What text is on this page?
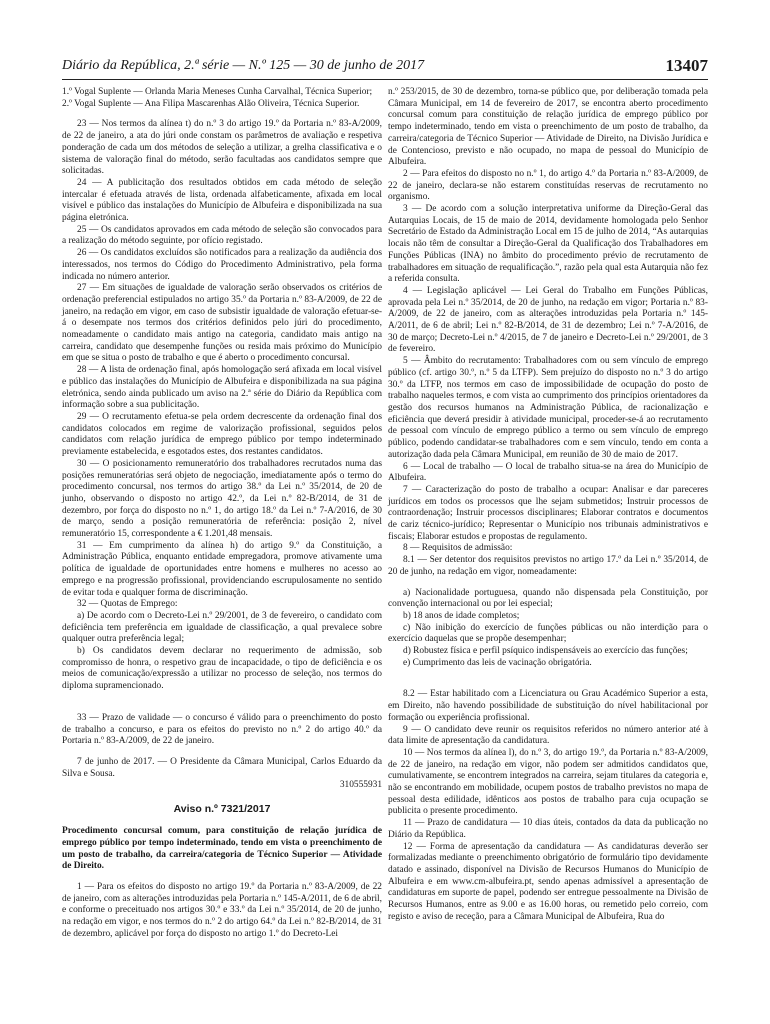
Diário da República, 2.ª série — N.º 125 — 30 de junho de 2017	13407

1.º Vogal Suplente — Orlanda Maria Meneses Cunha Carvalhal, Técnica Superior;

2.º Vogal Suplente — Ana Filipa Mascarenhas Alão Oliveira, Técnica Superior.

23 — Nos termos da alínea t) do n.º 3 do artigo 19.º da Portaria n.º 83-A/2009, de 22 de janeiro, a ata do júri onde constam os parâmetros de avaliação e respetiva ponderação de cada um dos métodos de seleção a utilizar, a grelha classificativa e o sistema de valoração final do método, serão facultadas aos candidatos sempre que solicitadas.

24 — A publicitação dos resultados obtidos em cada método de seleção intercalar é efetuada através de lista, ordenada alfabeticamente, afixada em local visível e público das instalações do Município de Albufeira e disponibilizada na sua página eletrónica.

25 — Os candidatos aprovados em cada método de seleção são convocados para a realização do método seguinte, por ofício registado.

26 — Os candidatos excluídos são notificados para a realização da audiência dos interessados, nos termos do Código do Procedimento Administrativo, pela forma indicada no número anterior.

27 — Em situações de igualdade de valoração serão observados os critérios de ordenação preferencial estipulados no artigo 35.º da Portaria n.º 83-A/2009, de 22 de janeiro, na redação em vigor, em caso de subsistir igualdade de valoração efetuar-se-á o desempate nos termos dos critérios definidos pelo júri do procedimento, nomeadamente o candidato mais antigo na categoria, candidato mais antigo na carreira, candidato que desempenhe funções ou resida mais próximo do Município em que se situa o posto de trabalho e que é aberto o procedimento concursal.

28 — A lista de ordenação final, após homologação será afixada em local visível e público das instalações do Município de Albufeira e disponibilizada na sua página eletrónica, sendo ainda publicado um aviso na 2.ª série do Diário da República com informação sobre a sua publicitação.

29 — O recrutamento efetua-se pela ordem decrescente da ordenação final dos candidatos colocados em regime de valorização profissional, seguidos pelos candidatos com relação jurídica de emprego público por tempo indeterminado previamente estabelecida, e esgotados estes, dos restantes candidatos.

30 — O posicionamento remuneratório dos trabalhadores recrutados numa das posições remuneratórias será objeto de negociação, imediatamente após o termo do procedimento concursal, nos termos do artigo 38.º da Lei n.º 35/2014, de 20 de junho, observando o disposto no artigo 42.º, da Lei n.º 82-B/2014, de 31 de dezembro, por força do disposto no n.º 1, do artigo 18.º da Lei n.º 7-A/2016, de 30 de março, sendo a posição remuneratória de referência: posição 2, nível remuneratório 15, correspondente a € 1.201,48 mensais.

31 — Em cumprimento da alínea h) do artigo 9.º da Constituição, a Administração Pública, enquanto entidade empregadora, promove ativamente uma política de igualdade de oportunidades entre homens e mulheres no acesso ao emprego e na progressão profissional, providenciando escrupulosamente no sentido de evitar toda e qualquer forma de discriminação.

32 — Quotas de Emprego:

a) De acordo com o Decreto-Lei n.º 29/2001, de 3 de fevereiro, o candidato com deficiência tem preferência em igualdade de classificação, a qual prevalece sobre qualquer outra preferência legal;

b) Os candidatos devem declarar no requerimento de admissão, sob compromisso de honra, o respetivo grau de incapacidade, o tipo de deficiência e os meios de comunicação/expressão a utilizar no processo de seleção, nos termos do diploma supramencionado.

33 — Prazo de validade — o concurso é válido para o preenchimento do posto de trabalho a concurso, e para os efeitos do previsto no n.º 2 do artigo 40.º da Portaria n.º 83-A/2009, de 22 de janeiro.

7 de junho de 2017. — O Presidente da Câmara Municipal, Carlos Eduardo da Silva e Sousa.

310555931

Aviso n.º 7321/2017

Procedimento concursal comum, para constituição de relação jurídica de emprego público por tempo indeterminado, tendo em vista o preenchimento de um posto de trabalho, da carreira/categoria de Técnico Superior — Atividade de Direito.

1 — Para os efeitos do disposto no artigo 19.º da Portaria n.º 83-A/2009, de 22 de janeiro, com as alterações introduzidas pela Portaria n.º 145-A/2011, de 6 de abril, e conforme o preceituado nos artigos 30.º e 33.º da Lei n.º 35/2014, de 20 de junho, na redação em vigor, e nos termos do n.º 2 do artigo 64.º da Lei n.º 82-B/2014, de 31 de dezembro, aplicável por força do disposto no artigo 1.º do Decreto-Lei

n.º 253/2015, de 30 de dezembro, torna-se público que, por deliberação tomada pela Câmara Municipal, em 14 de fevereiro de 2017, se encontra aberto procedimento concursal comum para constituição de relação jurídica de emprego público por tempo indeterminado, tendo em vista o preenchimento de um posto de trabalho, da carreira/categoria de Técnico Superior — Atividade de Direito, na Divisão Jurídica e de Contencioso, previsto e não ocupado, no mapa de pessoal do Município de Albufeira.

2 — Para efeitos do disposto no n.º 1, do artigo 4.º da Portaria n.º 83-A/2009, de 22 de janeiro, declara-se não estarem constituídas reservas de recrutamento no organismo.

3 — De acordo com a solução interpretativa uniforme da Direção-Geral das Autarquias Locais, de 15 de maio de 2014, devidamente homologada pelo Senhor Secretário de Estado da Administração Local em 15 de julho de 2014, “As autarquias locais não têm de consultar a Direção-Geral da Qualificação dos Trabalhadores em Funções Públicas (INA) no âmbito do procedimento prévio de recrutamento de trabalhadores em situação de requalificação.”, razão pela qual esta Autarquia não fez a referida consulta.

4 — Legislação aplicável — Lei Geral do Trabalho em Funções Públicas, aprovada pela Lei n.º 35/2014, de 20 de junho, na redação em vigor; Portaria n.º 83-A/2009, de 22 de janeiro, com as alterações introduzidas pela Portaria n.º 145-A/2011, de 6 de abril; Lei n.º 82-B/2014, de 31 de dezembro; Lei n.º 7-A/2016, de 30 de março; Decreto-Lei n.º 4/2015, de 7 de janeiro e Decreto-Lei n.º 29/2001, de 3 de fevereiro.

5 — Âmbito do recrutamento: Trabalhadores com ou sem vínculo de emprego público (cf. artigo 30.º, n.º 5 da LTFP). Sem prejuízo do disposto no n.º 3 do artigo 30.º da LTFP, nos termos em caso de impossibilidade de ocupação do posto de trabalho naqueles termos, e com vista ao cumprimento dos princípios orientadores da gestão dos recursos humanos na Administração Pública, de racionalização e eficiência que deverá presidir à atividade municipal, proceder-se-á ao recrutamento de pessoal com vínculo de emprego público a termo ou sem vínculo de emprego público, podendo candidatar-se trabalhadores com e sem vínculo, tendo em conta a autorização dada pela Câmara Municipal, em reunião de 30 de maio de 2017.

6 — Local de trabalho — O local de trabalho situa-se na área do Município de Albufeira.

7 — Caracterização do posto de trabalho a ocupar: Analisar e dar pareceres jurídicos em todos os processos que lhe sejam submetidos; Instruir processos de contraordenação; Instruir processos disciplinares; Elaborar contratos e documentos de cariz técnico-jurídico; Representar o Município nos tribunais administrativos e fiscais; Elaborar estudos e propostas de regulamento.

8 — Requisitos de admissão:

8.1 — Ser detentor dos requisitos previstos no artigo 17.º da Lei n.º 35/2014, de 20 de junho, na redação em vigor, nomeadamente:

a) Nacionalidade portuguesa, quando não dispensada pela Constituição, por convenção internacional ou por lei especial;

b) 18 anos de idade completos;

c) Não inibição do exercício de funções públicas ou não interdição para o exercício daquelas que se propõe desempenhar;

d) Robustez física e perfil psíquico indispensáveis ao exercício das funções;

e) Cumprimento das leis de vacinação obrigatória.

8.2 — Estar habilitado com a Licenciatura ou Grau Académico Superior a esta, em Direito, não havendo possibilidade de substituição do nível habilitacional por formação ou experiência profissional.

9 — O candidato deve reunir os requisitos referidos no número anterior até à data limite de apresentação da candidatura.

10 — Nos termos da alínea l), do n.º 3, do artigo 19.º, da Portaria n.º 83-A/2009, de 22 de janeiro, na redação em vigor, não podem ser admitidos candidatos que, cumulativamente, se encontrem integrados na carreira, sejam titulares da categoria e, não se encontrando em mobilidade, ocupem postos de trabalho previstos no mapa de pessoal desta edilidade, idênticos aos postos de trabalho para cuja ocupação se publicita o presente procedimento.

11 — Prazo de candidatura — 10 dias úteis, contados da data da publicação no Diário da República.

12 — Forma de apresentação da candidatura — As candidaturas deverão ser formalizadas mediante o preenchimento obrigatório de formulário tipo devidamente datado e assinado, disponível na Divisão de Recursos Humanos do Município de Albufeira e em www.cm-albufeira.pt, sendo apenas admissível a apresentação de candidaturas em suporte de papel, podendo ser entregue pessoalmente na Divisão de Recursos Humanos, entre as 9.00 e as 16.00 horas, ou remetido pelo correio, com registo e aviso de receção, para a Câmara Municipal de Albufeira, Rua do
